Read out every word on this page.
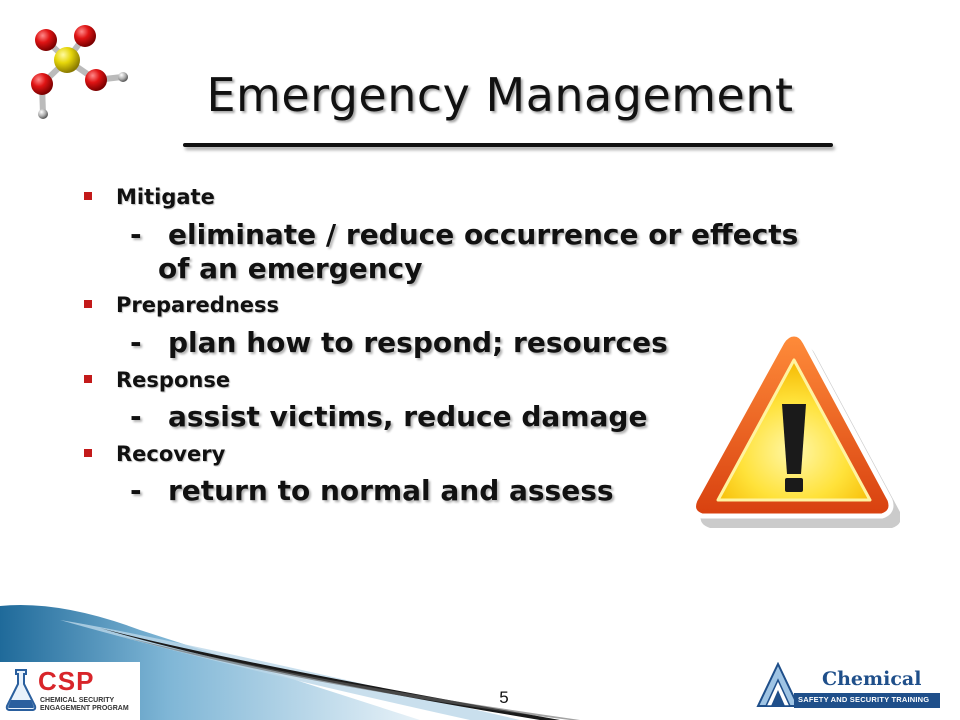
Emergency Management
Mitigate
- eliminate / reduce occurrence or effects
of an emergency
Preparedness
- plan how to respond; resources
Response
- assist victims, reduce damage
Recovery
- return to normal and assess
CSP
CHEMICAL SECURITY
ENGAGEMENT PROGRAM
5
Chemical
SAFETY AND SECURITY TRAINING
